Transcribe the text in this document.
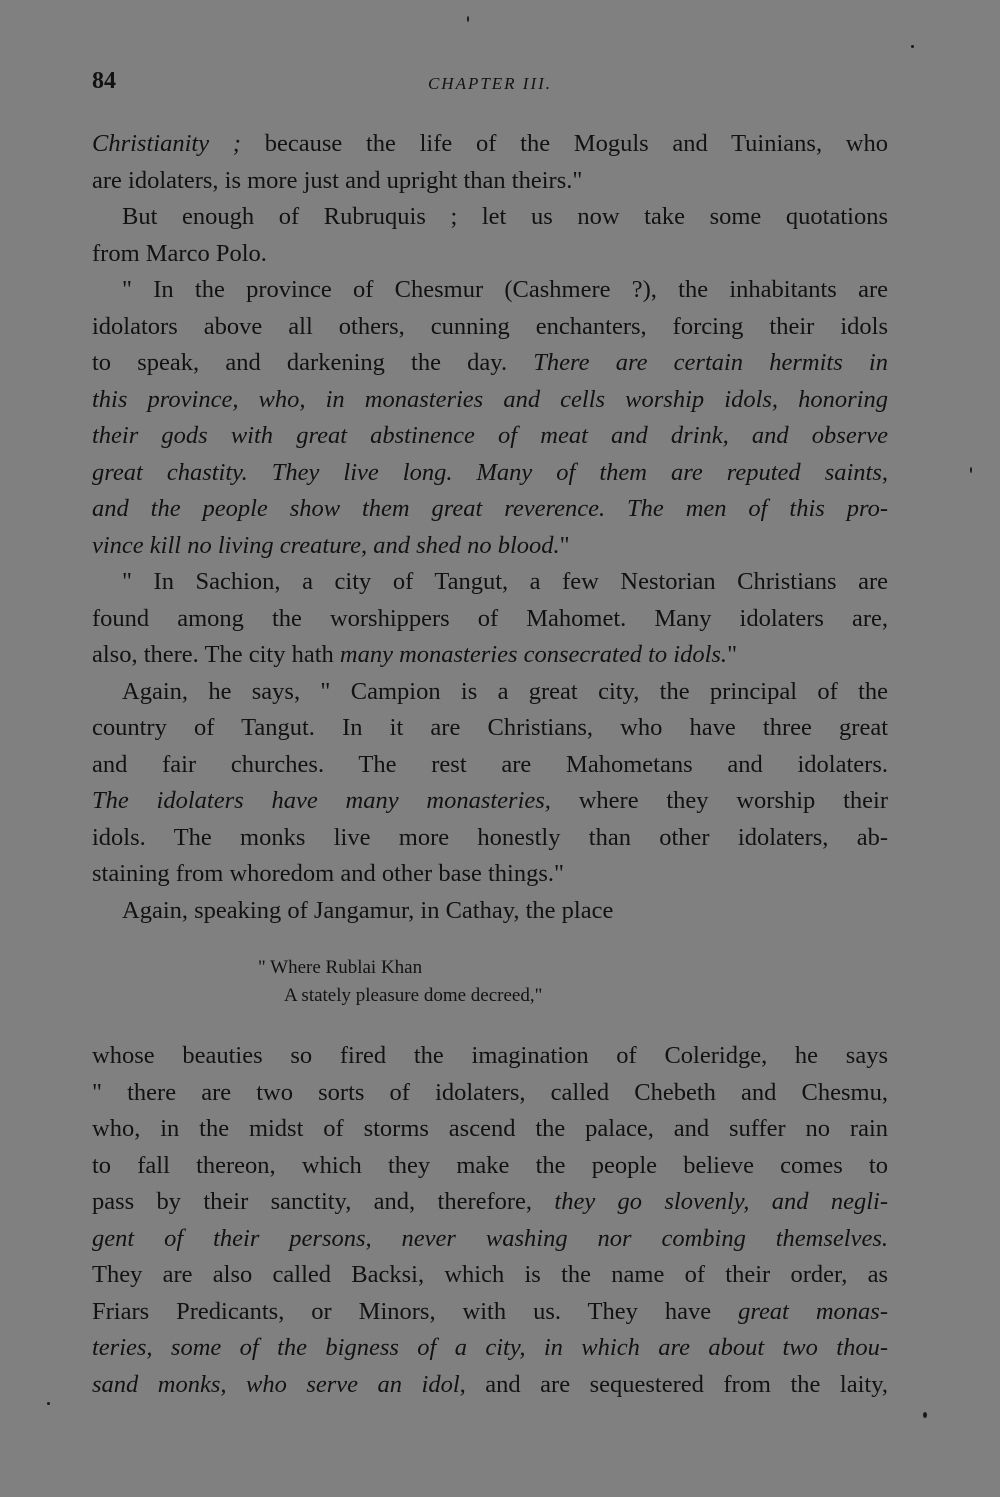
84	CHAPTER III.
Christianity ; because the life of the Moguls and Tuinians, who
are idolaters, is more just and upright than theirs."
But enough of Rubruquis ; let us now take some quotations
from Marco Polo.
" In the province of Chesmur (Cashmere ?), the inhabitants are
idolators above all others, cunning enchanters, forcing their idols
to speak, and darkening the day. There are certain hermits in
this province, who, in monasteries and cells worship idols, honoring
their gods with great abstinence of meat and drink, and observe
great chastity. They live long. Many of them are reputed saints,
and the people show them great reverence. The men of this pro-
vince kill no living creature, and shed no blood."
" In Sachion, a city of Tangut, a few Nestorian Christians are
found among the worshippers of Mahomet. Many idolaters are,
also, there. The city hath many monasteries consecrated to idols."
Again, he says, " Campion is a great city, the principal of the
country of Tangut. In it are Christians, who have three great
and fair churches. The rest are Mahometans and idolaters.
The idolaters have many monasteries, where they worship their
idols. The monks live more honestly than other idolaters, ab-
staining from whoredom and other base things."
Again, speaking of Jangamur, in Cathay, the place
" Where Rublai Khan
A stately pleasure dome decreed,"
whose beauties so fired the imagination of Coleridge, he says
" there are two sorts of idolaters, called Chebeth and Chesmu,
who, in the midst of storms ascend the palace, and suffer no rain
to fall thereon, which they make the people believe comes to
pass by their sanctity, and, therefore, they go slovenly, and negli-
gent of their persons, never washing nor combing themselves.
They are also called Backsi, which is the name of their order, as
Friars Predicants, or Minors, with us. They have great monas-
teries, some of the bigness of a city, in which are about two thou-
sand monks, who serve an idol, and are sequestered from the laity,
